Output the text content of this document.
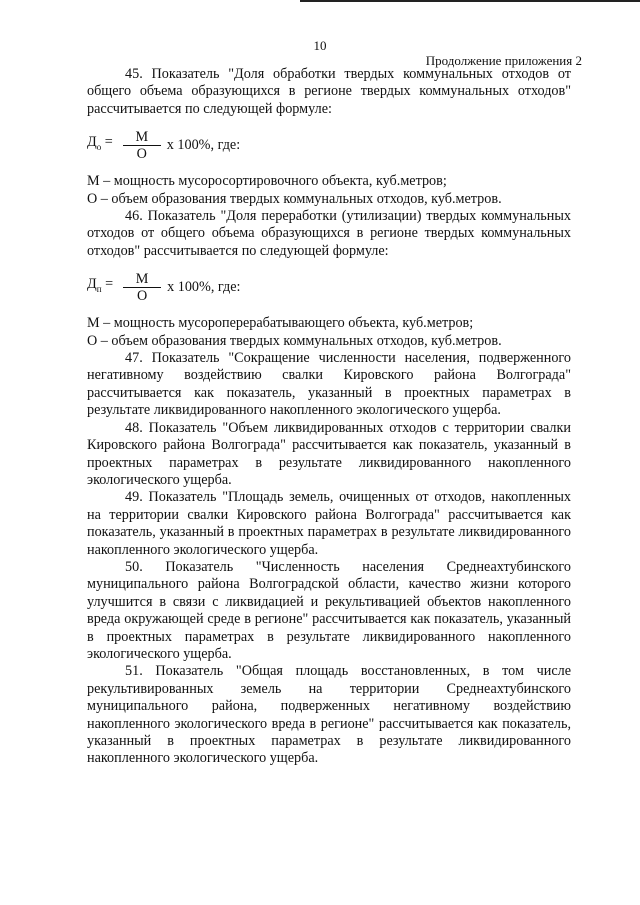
10
Продолжение приложения 2

45. Показатель "Доля обработки твердых коммунальных отходов от общего объема образующихся в регионе твердых коммунальных отходов" рассчитывается по следующей формуле:

$Д_о = \frac{М}{О}$ х 100%, где:

М – мощность мусоросортировочного объекта, куб.метров;

О – объем образования твердых коммунальных отходов, куб.метров.

46. Показатель "Доля переработки (утилизации) твердых коммунальных отходов от общего объема образующихся в регионе твердых коммунальных отходов" рассчитывается по следующей формуле:

$Д_п = \frac{М}{О}$ х 100%, где:

М – мощность мусороперерабатывающего объекта, куб.метров;

О – объем образования твердых коммунальных отходов, куб.метров.

47. Показатель "Сокращение численности населения, подверженного негативному воздействию свалки Кировского района Волгограда" рассчитывается как показатель, указанный в проектных параметрах в результате ликвидированного накопленного экологического ущерба.

48. Показатель "Объем ликвидированных отходов с территории свалки Кировского района Волгограда" рассчитывается как показатель, указанный в проектных параметрах в результате ликвидированного накопленного экологического ущерба.

49. Показатель "Площадь земель, очищенных от отходов, накопленных на территории свалки Кировского района Волгограда" рассчитывается как показатель, указанный в проектных параметрах в результате ликвидированного накопленного экологического ущерба.

50. Показатель "Численность населения Среднеахтубинского муниципального района Волгоградской области, качество жизни которого улучшится в связи с ликвидацией и рекультивацией объектов накопленного вреда окружающей среде в регионе" рассчитывается как показатель, указанный в проектных параметрах в результате ликвидированного накопленного экологического ущерба.

51. Показатель "Общая площадь восстановленных, в том числе рекультивированных земель на территории Среднеахтубинского муниципального района, подверженных негативному воздействию накопленного экологического вреда в регионе" рассчитывается как показатель, указанный в проектных параметрах в результате ликвидированного накопленного экологического ущерба.
